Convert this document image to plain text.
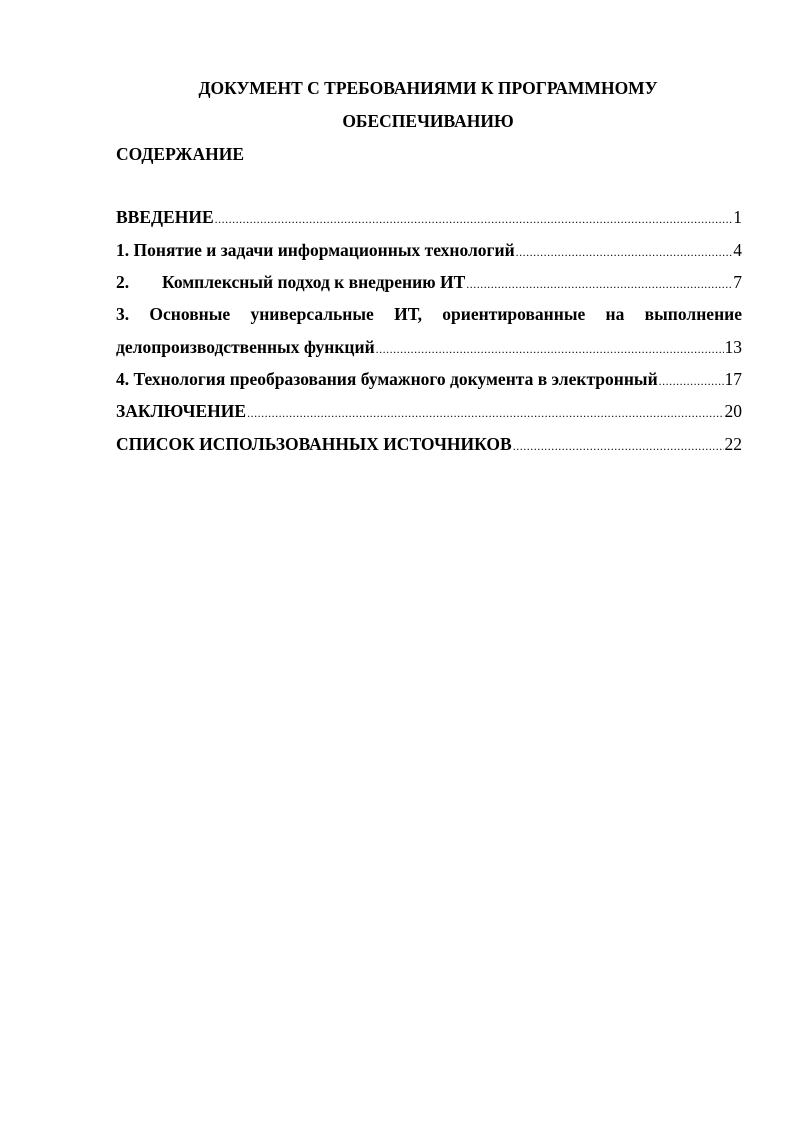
ДОКУМЕНТ С ТРЕБОВАНИЯМИ К ПРОГРАММНОМУ
ОБЕСПЕЧИВАНИЮ
СОДЕРЖАНИЕ
ВВЕДЕНИЕ .....	1
1. Понятие и задачи информационных технологий .....	4
2. Комплексный подход к внедрению ИТ .....	7
3. Основные универсальные ИТ, ориентированные на выполнение
делопроизводственных функций .....	13
4. Технология преобразования бумажного документа в электронный .....	17
ЗАКЛЮЧЕНИЕ .....	20
СПИСОК ИСПОЛЬЗОВАННЫХ ИСТОЧНИКОВ .....	22
